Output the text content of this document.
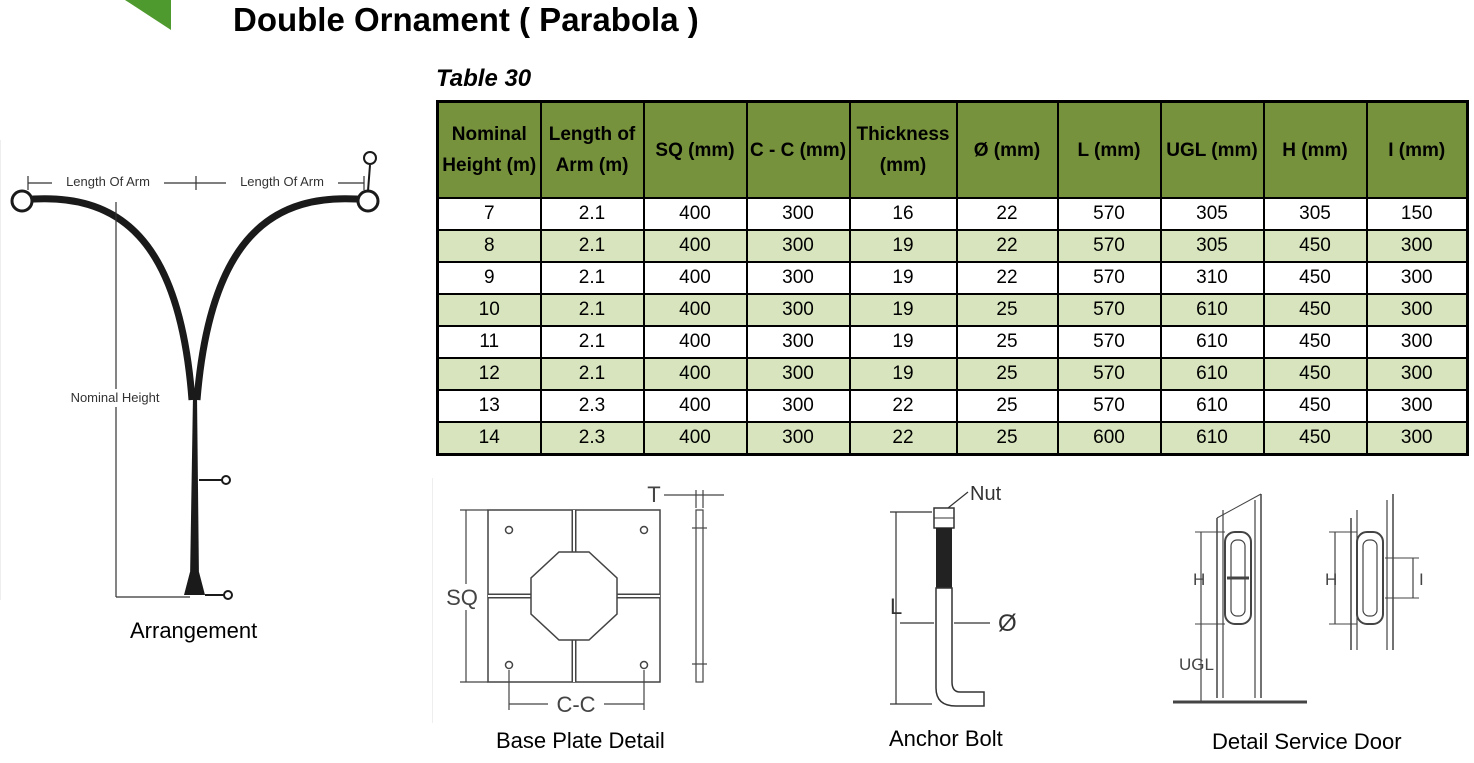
Double Ornament ( Parabola )
Table 30
Nominal Height (m)	Length of Arm (m)	SQ (mm)	C - C (mm)	Thickness (mm)	Ø (mm)	L (mm)	UGL (mm)	H (mm)	I (mm)
7	2.1	400	300	16	22	570	305	305	150
8	2.1	400	300	19	22	570	305	450	300
9	2.1	400	300	19	22	570	310	450	300
10	2.1	400	300	19	25	570	610	450	300
11	2.1	400	300	19	25	570	610	450	300
12	2.1	400	300	19	25	570	610	450	300
13	2.3	400	300	22	25	570	610	450	300
14	2.3	400	300	22	25	600	610	450	300
Length Of Arm	Length Of Arm
Nominal Height
Arrangement
SQ
C-C
T
Base Plate Detail
Nut
L
Ø
Anchor Bolt
H
UGL
H	I
Detail Service Door
